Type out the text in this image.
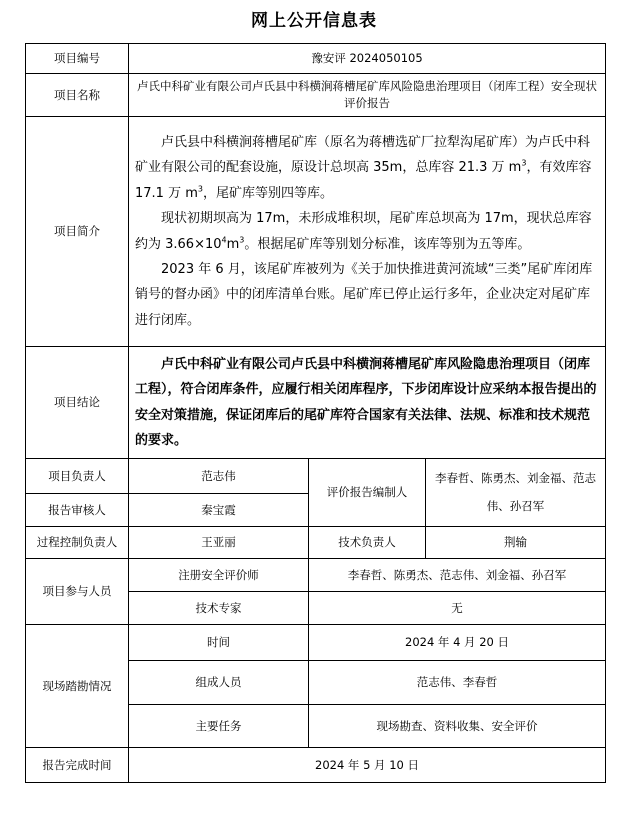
网上公开信息表
项目编号	豫安评 2024050105		
项目名称	卢氏中科矿业有限公司卢氏县中科横涧蒋槽尾矿库风险隐患治理项目（闭库工程）安全现状评价报告		
项目简介	卢氏县中科横涧蒋槽尾矿库（原名为蒋槽选矿厂拉犁沟尾矿库）为卢氏中科矿业有限公司的配套设施，原设计总坝高 35m，总库容 21.3 万 $m^3$，有效库容 17.1 万 $m^3$，尾矿库等别四等库。

现状初期坝高为 17m，未形成堆积坝，尾矿库总坝高为 17m，现状总库容约为 $3.66\times 10^4m^3$。根据尾矿库等别划分标准，该库等别为五等库。

2023 年 6 月，该尾矿库被列为《关于加快推进黄河流域“三类”尾矿库闭库销号的督办函》中的闭库清单台账。尾矿库已停止运行多年，企业决定对尾矿库进行闭库。		

项目结论	卢氏中科矿业有限公司卢氏县中科横涧蒋槽尾矿库风险隐患治理项目（闭库工程），符合闭库条件，应履行相关闭库程序，下步闭库设计应采纳本报告提出的安全对策措施，保证闭库后的尾矿库符合国家有关法律、法规、标准和技术规范的要求。		

项目负责人	范志伟	评价报告编制人	李春哲、陈勇杰、刘金福、范志伟、孙召军
报告审核人	秦宝霞		
过程控制负责人	王亚丽	技术负责人	荆输
项目参与人员	注册安全评价师	李春哲、陈勇杰、范志伟、刘金福、孙召军	
	技术专家	无	
现场踏勘情况	时间	2024 年 4 月 20 日	
	组成人员	范志伟、李春哲	
	主要任务	现场勘查、资料收集、安全评价	
报告完成时间	2024 年 5 月 10 日		
